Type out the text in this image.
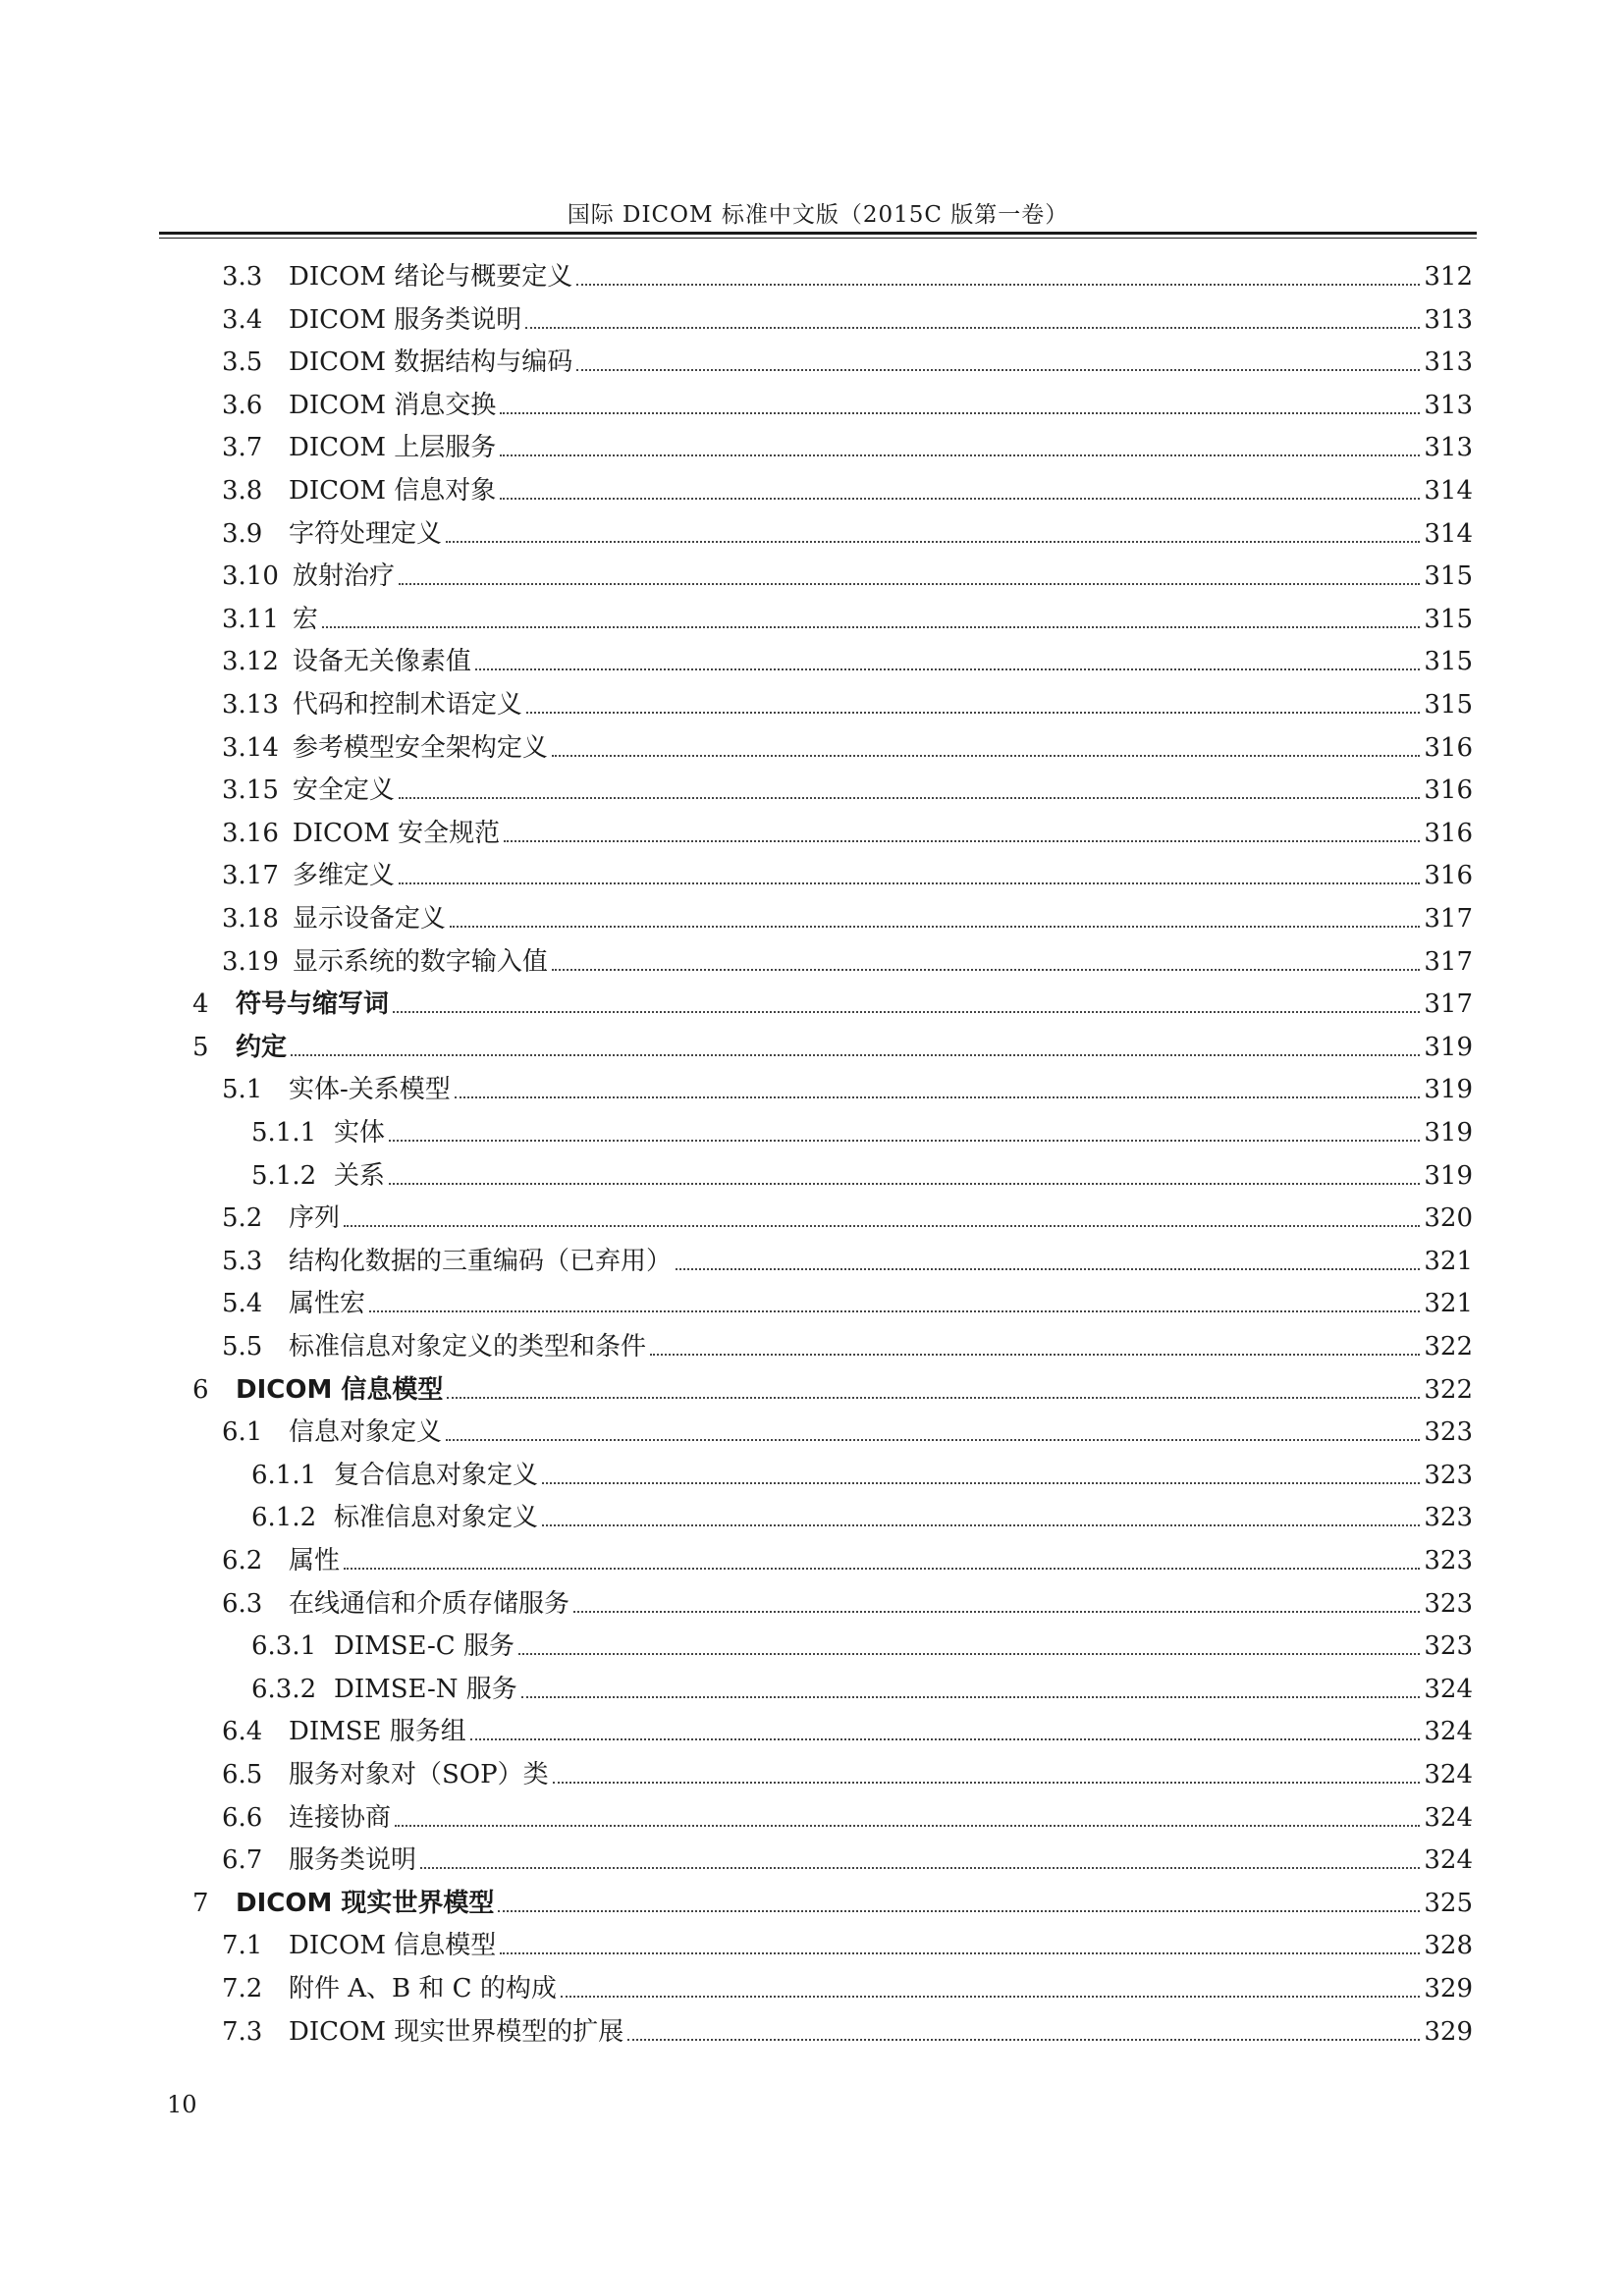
国际 DICOM 标准中文版（2015C 版第一卷）
3.3	DICOM 绪论与概要定义	312
3.4	DICOM 服务类说明	313
3.5	DICOM 数据结构与编码	313
3.6	DICOM 消息交换	313
3.7	DICOM 上层服务	313
3.8	DICOM 信息对象	314
3.9	字符处理定义	314
3.10 放射治疗	315
3.11 宏	315
3.12 设备无关像素值	315
3.13 代码和控制术语定义	315
3.14 参考模型安全架构定义	316
3.15 安全定义	316
3.16 DICOM 安全规范	316
3.17 多维定义	316
3.18 显示设备定义	317
3.19 显示系统的数字输入值	317
4	符号与缩写词	317
5	约定	319
5.1	实体-关系模型	319
5.1.1 实体	319
5.1.2 关系	319
5.2	序列	320
5.3	结构化数据的三重编码（已弃用）	321
5.4	属性宏	321
5.5	标准信息对象定义的类型和条件	322
6	DICOM 信息模型	322
6.1	信息对象定义	323
6.1.1 复合信息对象定义	323
6.1.2 标准信息对象定义	323
6.2	属性	323
6.3	在线通信和介质存储服务	323
6.3.1 DIMSE-C 服务	323
6.3.2 DIMSE-N 服务	324
6.4	DIMSE 服务组	324
6.5	服务对象对（SOP）类	324
6.6	连接协商	324
6.7	服务类说明	324
7	DICOM 现实世界模型	325
7.1	DICOM 信息模型	328
7.2	附件 A、B 和 C 的构成	329
7.3	DICOM 现实世界模型的扩展	329
10
